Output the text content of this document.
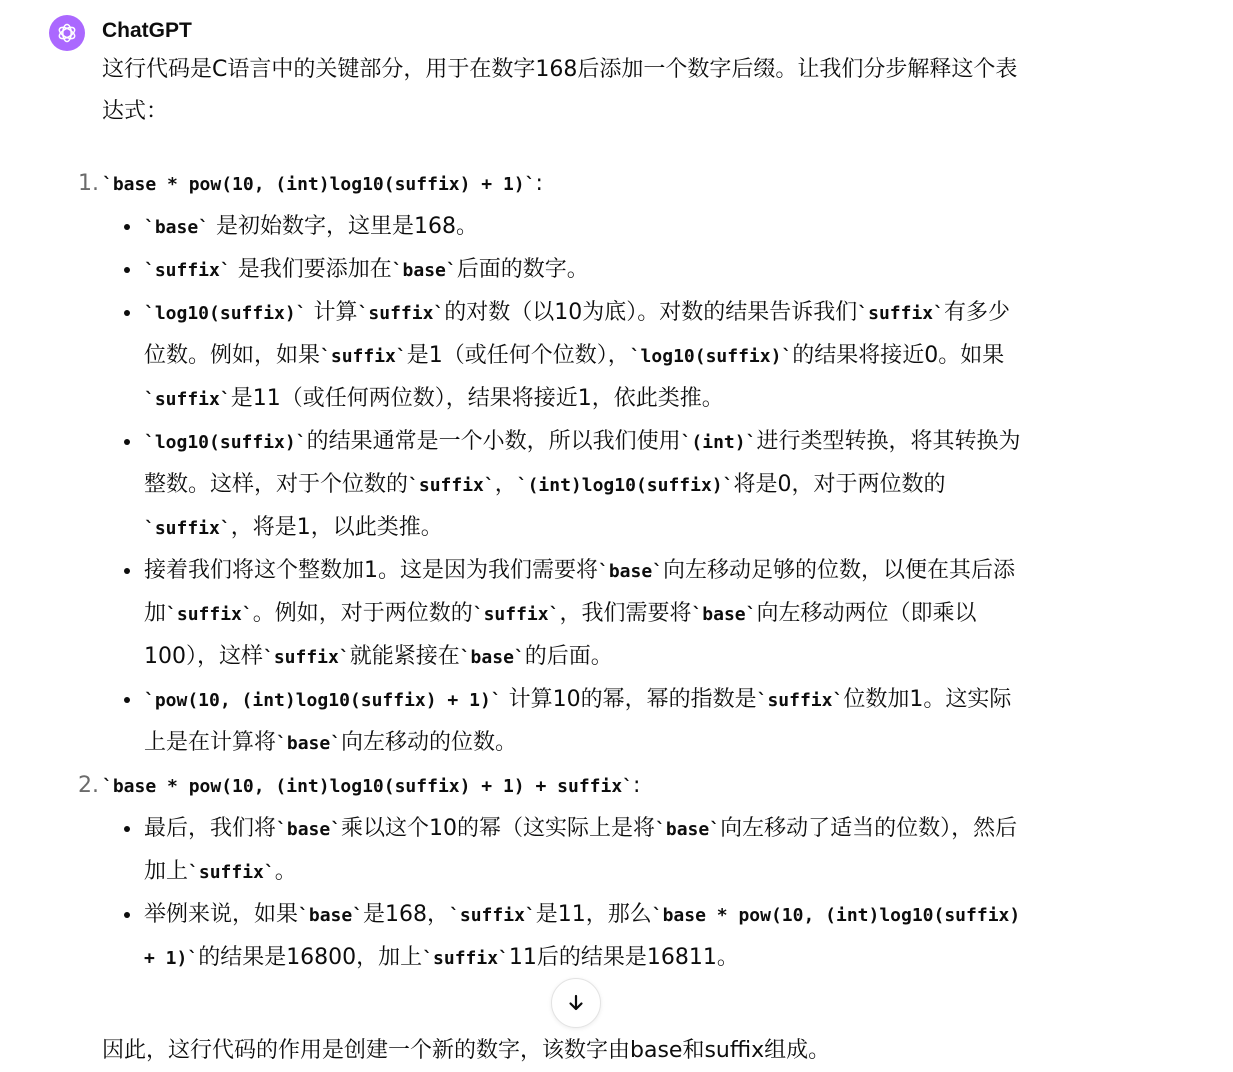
ChatGPT

这行代码是C语言中的关键部分，用于在数字168后添加一个数字后缀。让我们分步解释这个表达式：

1. `base * pow(10, (int)log10(suffix) + 1)`:
`base` 是初始数字，这里是168。
`suffix` 是我们要添加在`base`后面的数字。
`log10(suffix)` 计算`suffix`的对数（以10为底）。对数的结果告诉我们`suffix`有多少位数。例如，如果`suffix`是1（或任何个位数），`log10(suffix)`的结果将接近0。如果`suffix`是11（或任何两位数），结果将接近1，依此类推。
`log10(suffix)`的结果通常是一个小数，所以我们使用`(int)`进行类型转换，将其转换为整数。这样，对于个位数的`suffix`，`(int)log10(suffix)`将是0，对于两位数的`suffix`，将是1，以此类推。
接着我们将这个整数加1。这是因为我们需要将`base`向左移动足够的位数，以便在其后添加`suffix`。例如，对于两位数的`suffix`，我们需要将`base`向左移动两位（即乘以100），这样`suffix`就能紧接在`base`的后面。
`pow(10, (int)log10(suffix) + 1)` 计算10的幂，幂的指数是`suffix`位数加1。这实际上是在计算将`base`向左移动的位数。
2. `base * pow(10, (int)log10(suffix) + 1) + suffix`:
最后，我们将`base`乘以这个10的幂（这实际上是将`base`向左移动了适当的位数），然后加上`suffix`。
举例来说，如果`base`是168，`suffix`是11，那么`base * pow(10, (int)log10(suffix) + 1)`的结果是16800，加上`suffix`11后的结果是16811。
因此，这行代码的作用是创建一个新的数字，该数字由base和suffix组成。
